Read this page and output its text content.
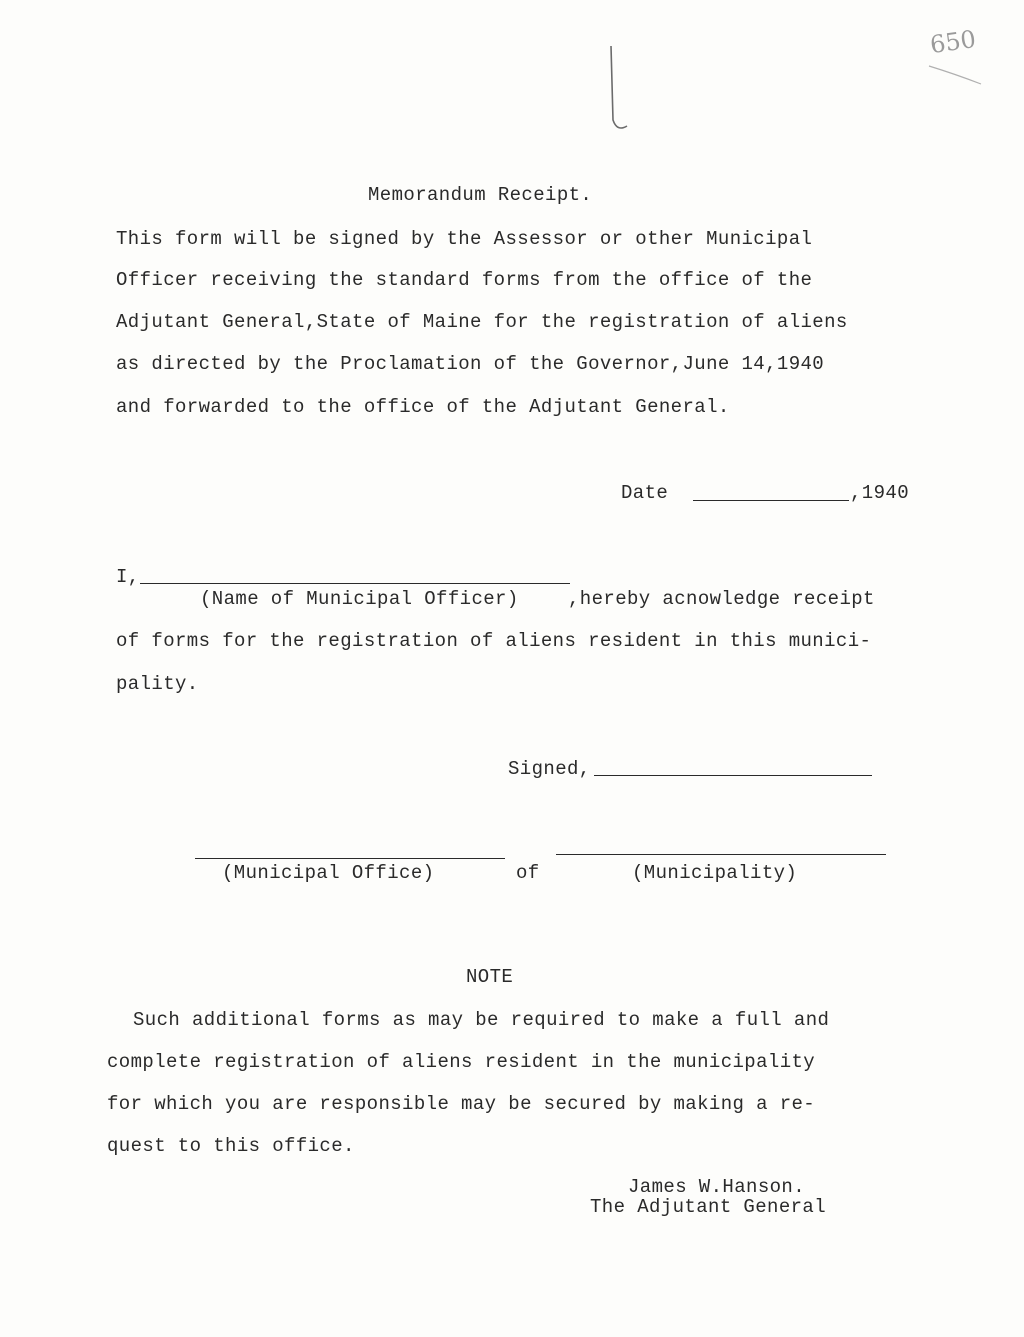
650
Memorandum Receipt.
This form will be signed by the Assessor or other Municipal
Officer receiving the standard forms from the office of the
Adjutant General,State of Maine for the registration of aliens
as directed by the Proclamation of the Governor,June 14,1940
and forwarded to the office of the Adjutant General.
Date	,1940
I,
(Name of Municipal Officer)	,hereby acnowledge receipt
of forms for the registration of aliens resident in this munici-
pality.
Signed,
(Municipal Office)	of	(Municipality)
NOTE
Such additional forms as may be required to make a full and
complete registration of aliens resident in the municipality
for which you are responsible may be secured by making a re-
quest to this office.
James W.Hanson.
The Adjutant General
